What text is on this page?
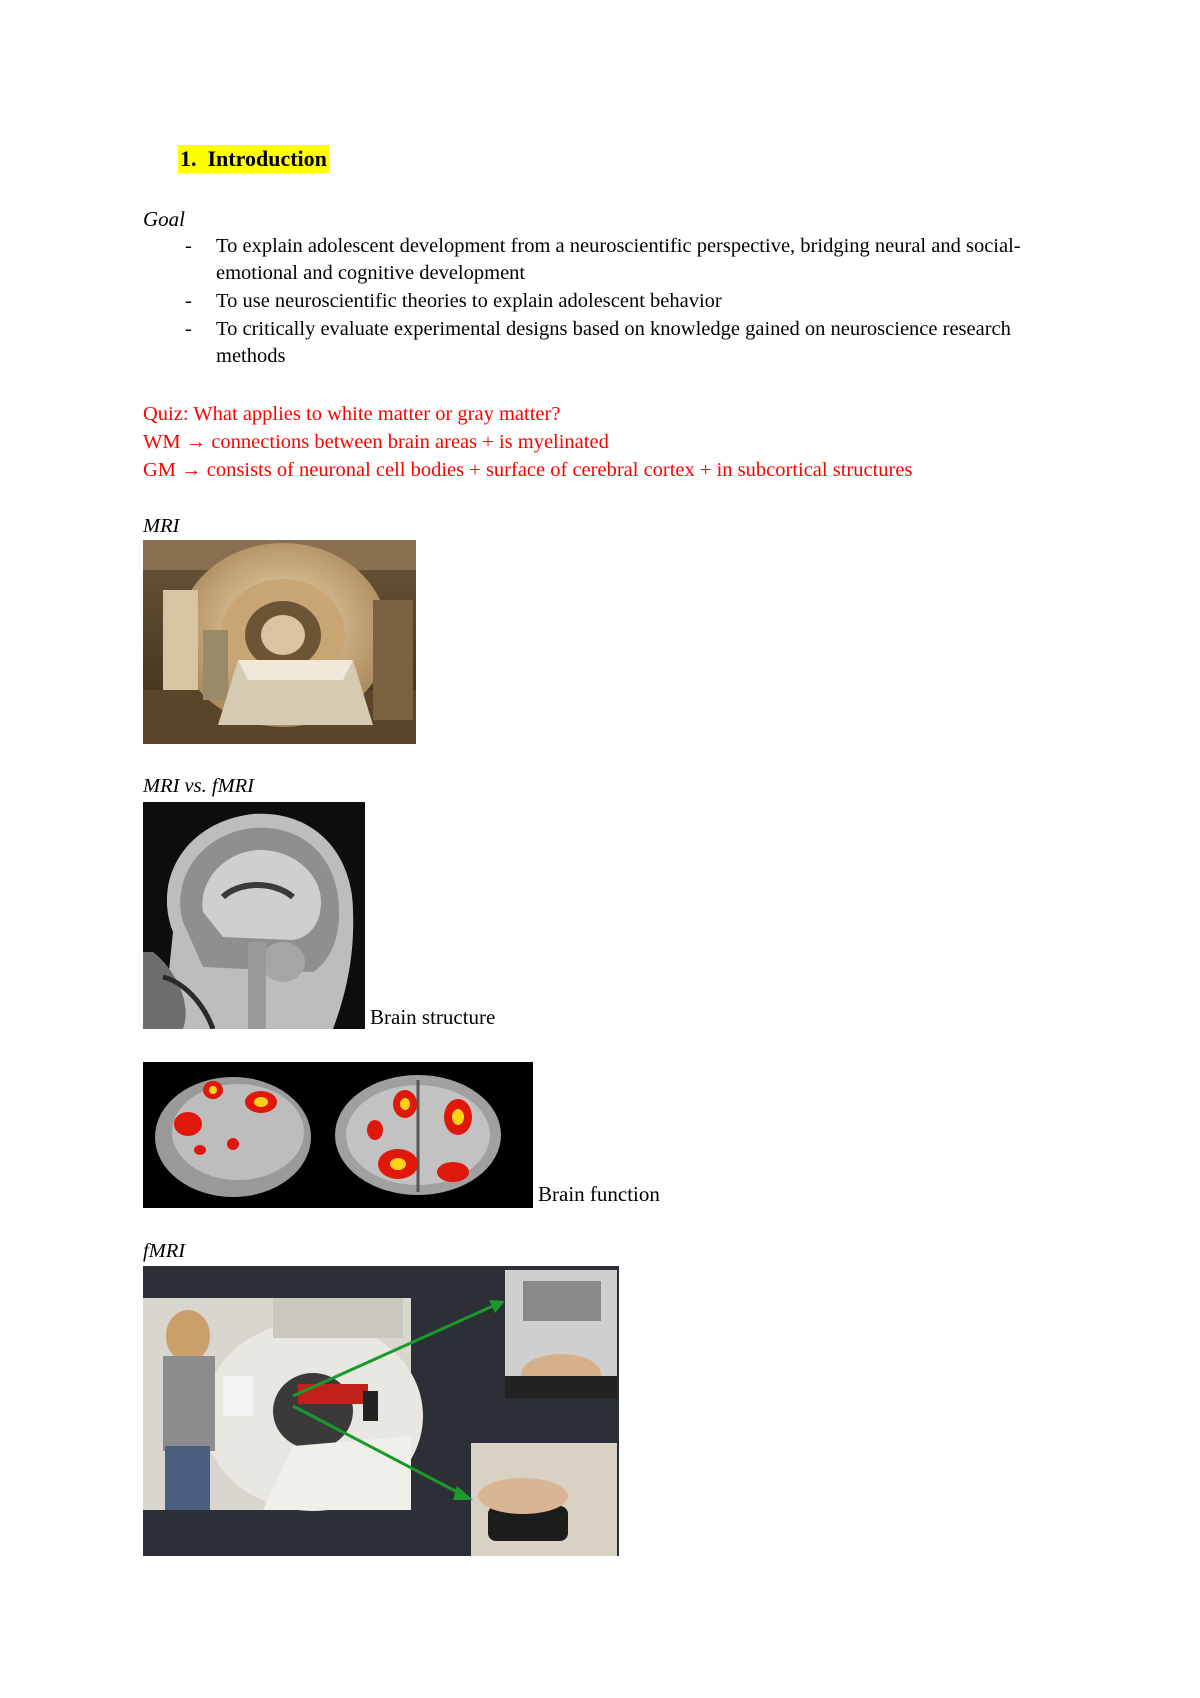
1. Introduction
Goal
- To explain adolescent development from a neuroscientific perspective, bridging neural and social-emotional and cognitive development
- To use neuroscientific theories to explain adolescent behavior
- To critically evaluate experimental designs based on knowledge gained on neuroscience research methods
Quiz: What applies to white matter or gray matter?
WM → connections between brain areas + is myelinated
GM → consists of neuronal cell bodies + surface of cerebral cortex + in subcortical structures
MRI
MRI vs. fMRI
Brain structure
Brain function
fMRI
